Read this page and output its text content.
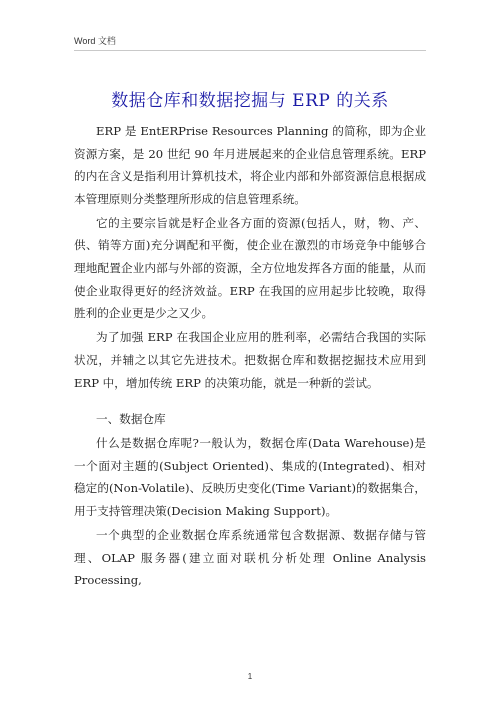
Word 文档
数据仓库和数据挖掘与 ERP 的关系

ERP 是 EntERPrise Resources Planning 的简称，即为企业资源方案，是 20 世纪 90 年月进展起来的企业信息管理系统。ERP 的内在含义是指利用计算机技术，将企业内部和外部资源信息根据成本管理原则分类整理所形成的信息管理系统。

它的主要宗旨就是籽企业各方面的资源(包括人，财，物、产、供、销等方面)充分调配和平衡，使企业在激烈的市场竞争中能够合理地配置企业内部与外部的资源，全方位地发挥各方面的能量，从而使企业取得更好的经济效益。ERP 在我国的应用起步比较晚，取得胜利的企业更是少之又少。

为了加强 ERP 在我国企业应用的胜利率，必需结合我国的实际状况，并辅之以其它先进技术。把数据仓库和数据挖掘技术应用到 ERP 中，增加传统 ERP 的决策功能，就是一种新的尝试。

一、数据仓库

什么是数据仓库呢?一般认为，数据仓库(Data Warehouse)是一个面对主题的(Subject Oriented)、集成的(Integrated)、相对稳定的(Non-Volatile)、反映历史变化(Time Variant)的数据集合，用于支持管理决策(Decision Making Support)。

一个典型的企业数据仓库系统通常包含数据源、数据存储与管理、OLAP 服务器(建立面对联机分析处理 Online Analysis Processing,

1
